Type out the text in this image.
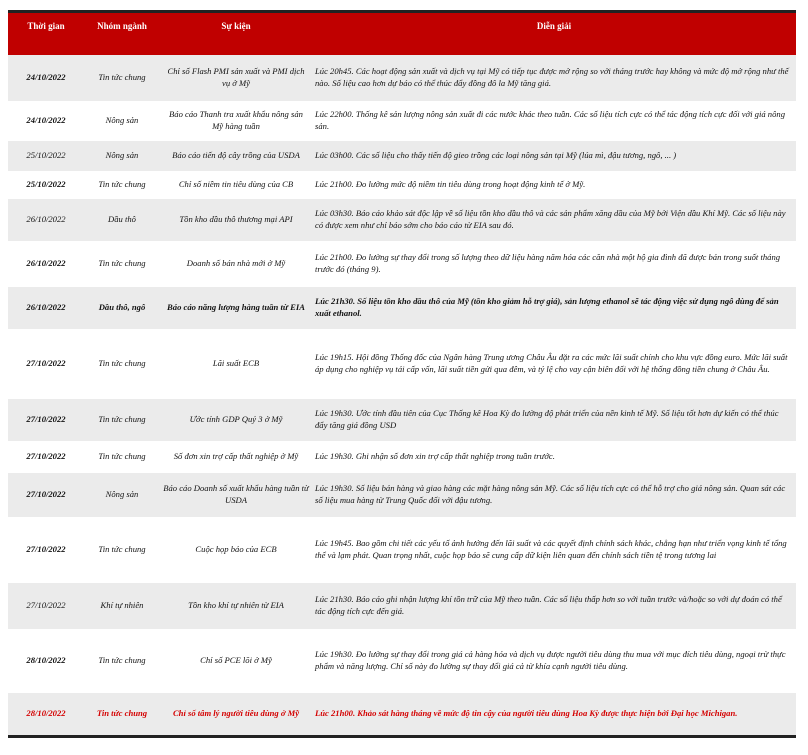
Thời gian	Nhóm ngành	Sự kiện	Diễn giải
24/10/2022	Tin tức chung	Chỉ số Flash PMI sản xuất và PMI dịch vụ ở Mỹ	Lúc 20h45. Các hoạt động sản xuất và dịch vụ tại Mỹ có tiếp tục được mở rộng so với tháng trước hay không và mức độ mở rộng như thế nào. Số liệu cao hơn dự báo có thể thúc đẩy đồng đô la Mỹ tăng giá.
24/10/2022	Nông sản	Báo cáo Thanh tra xuất khẩu nông sản Mỹ hàng tuần	Lúc 22h00. Thống kê sản lượng nông sản xuất đi các nước khác theo tuần. Các số liệu tích cực có thể tác động tích cực đối với giá nông sản.
25/10/2022	Nông sản	Báo cáo tiến độ cây trồng của USDA	Lúc 03h00. Các số liệu cho thấy tiến độ gieo trồng các loại nông sản tại Mỹ (lúa mì, đậu tương, ngô, ... )
25/10/2022	Tin tức chung	Chỉ số niềm tin tiêu dùng của CB	Lúc 21h00. Đo lường mức độ niềm tin tiêu dùng trong hoạt động kinh tế ở Mỹ.
26/10/2022	Dầu thô	Tồn kho dầu thô thương mại API	Lúc 03h30. Báo cáo khảo sát độc lập về số liệu tồn kho dầu thô và các sản phẩm xăng dầu của Mỹ bởi Viện dầu Khí Mỹ. Các số liệu này có được xem như chỉ báo sớm cho báo cáo từ EIA sau đó.
26/10/2022	Tin tức chung	Doanh số bán nhà mới ở Mỹ	Lúc 21h00. Đo lường sự thay đổi trong số lượng theo dữ liệu hàng năm hóa các căn nhà một hộ gia đình đã được bán trong suốt tháng trước đó (tháng 9).
26/10/2022	Dầu thô, ngô	Báo cáo năng lượng hàng tuần từ EIA	Lúc 21h30. Số liệu tồn kho dầu thô của Mỹ (tồn kho giảm hỗ trợ giá), sản lượng ethanol sẽ tác động việc sử dụng ngô dùng để sản xuất ethanol.
27/10/2022	Tin tức chung	Lãi suất ECB	Lúc 19h15. Hội đồng Thống đốc của Ngân hàng Trung ương Châu Âu đặt ra các mức lãi suất chính cho khu vực đồng euro. Mức lãi suất áp dụng cho nghiệp vụ tái cấp vốn, lãi suất tiền gửi qua đêm, và tỷ lệ cho vay cận biên đối với hệ thống đồng tiền chung ở Châu Âu.
27/10/2022	Tin tức chung	Ước tính GDP Quý 3 ở Mỹ	Lúc 19h30. Ước tính đầu tiên của Cục Thống kê Hoa Kỳ đo lường độ phát triển của nền kinh tế Mỹ. Số liệu tốt hơn dự kiến có thể thúc đẩy tăng giá đồng USD
27/10/2022	Tin tức chung	Số đơn xin trợ cấp thất nghiệp ở Mỹ	Lúc 19h30. Ghi nhận số đơn xin trợ cấp thất nghiệp trong tuần trước.
27/10/2022	Nông sản	Báo cáo Doanh số xuất khẩu hàng tuần từ USDA	Lúc 19h30. Số liệu bán hàng và giao hàng các mặt hàng nông sản Mỹ. Các số liệu tích cực có thể hỗ trợ cho giá nông sản. Quan sát các số liệu mua hàng từ Trung Quốc đối với đậu tương.
27/10/2022	Tin tức chung	Cuộc họp báo của ECB	Lúc 19h45. Bao gồm chi tiết các yếu tố ảnh hưởng đến lãi suất và các quyết định chính sách khác, chẳng hạn như triển vọng kinh tế tổng thể và lạm phát. Quan trọng nhất, cuộc họp báo sẽ cung cấp dữ kiện liên quan đến chính sách tiền tệ trong tương lai
27/10/2022	Khí tự nhiên	Tồn kho khí tự nhiên từ EIA	Lúc 21h30. Báo cáo ghi nhận lượng khí tồn trữ của Mỹ theo tuần. Các số liệu thấp hơn so với tuần trước và/hoặc so với dự đoán có thể tác động tích cực đến giá.
28/10/2022	Tin tức chung	Chỉ số PCE lõi ở Mỹ	Lúc 19h30. Đo lường sự thay đổi trong giá cả hàng hóa và dịch vụ được người tiêu dùng thu mua với mục đích tiêu dùng, ngoại trừ thực phẩm và năng lượng. Chỉ số này đo lường sự thay đổi giá cả từ khía cạnh người tiêu dùng.
28/10/2022	Tin tức chung	Chỉ số tâm lý người tiêu dùng ở Mỹ	Lúc 21h00. Khảo sát hàng tháng về mức độ tin cậy của người tiêu dùng Hoa Kỳ được thực hiện bởi Đại học Michigan.
